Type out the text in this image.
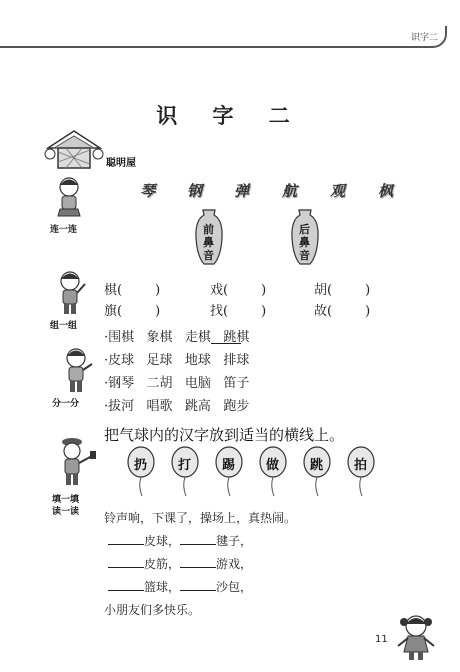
识字二
识 字 二
聪明屋
连一连
琴 钢 弹 航 观 枫
前
鼻
音
后
鼻
音
组一组
棋(        )	戏(        )	胡(        )
旗(        )	找(        )	故(        )
分一分
·围棋   象棋   走棋   跳棋
·皮球   足球   地球   排球
·钢琴   二胡   电脑   笛子
·拔河   唱歌   跳高   跑步
把气球内的汉字放到适当的横线上。
填一填
读一读
扔 打 踢 做 跳 拍
铃声响，下课了，操场上，真热闹。
皮球，	毽子，
皮筋，	游戏，
篮球，	沙包，
小朋友们多快乐。
11
